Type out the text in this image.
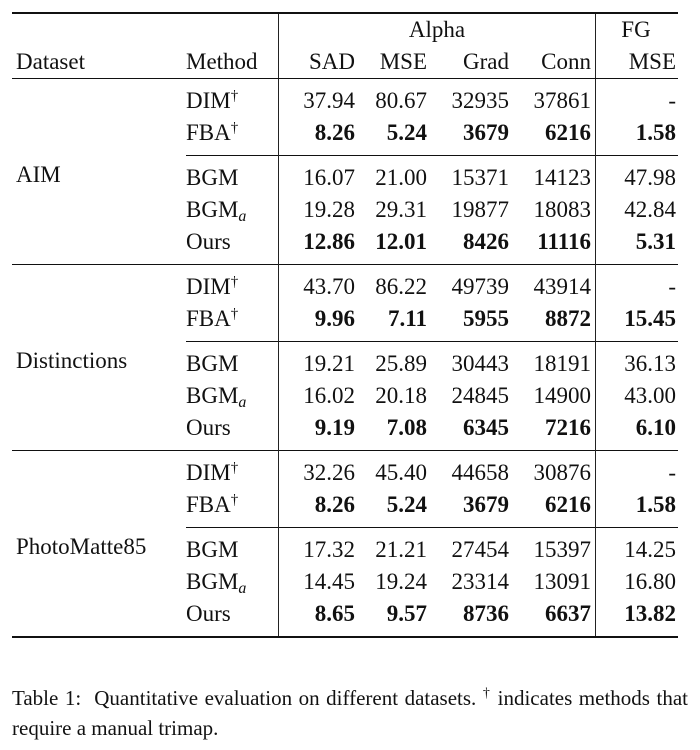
		Alpha				FG
Dataset	Method	SAD	MSE	Grad	Conn	MSE
AIM	DIM†	37.94	80.67	32935	37861	-
	FBA†	8.26	5.24	3679	6216	1.58
	BGM	16.07	21.00	15371	14123	47.98
	BGMa	19.28	29.31	19877	18083	42.84
	Ours	12.86	12.01	8426	11116	5.31
Distinctions	DIM†	43.70	86.22	49739	43914	-
	FBA†	9.96	7.11	5955	8872	15.45
	BGM	19.21	25.89	30443	18191	36.13
	BGMa	16.02	20.18	24845	14900	43.00
	Ours	9.19	7.08	6345	7216	6.10
PhotoMatte85	DIM†	32.26	45.40	44658	30876	-
	FBA†	8.26	5.24	3679	6216	1.58
	BGM	17.32	21.21	27454	15397	14.25
	BGMa	14.45	19.24	23314	13091	16.80
	Ours	8.65	9.57	8736	6637	13.82
Table 1: Quantitative evaluation on different datasets. † indicates methods that require a manual trimap.
